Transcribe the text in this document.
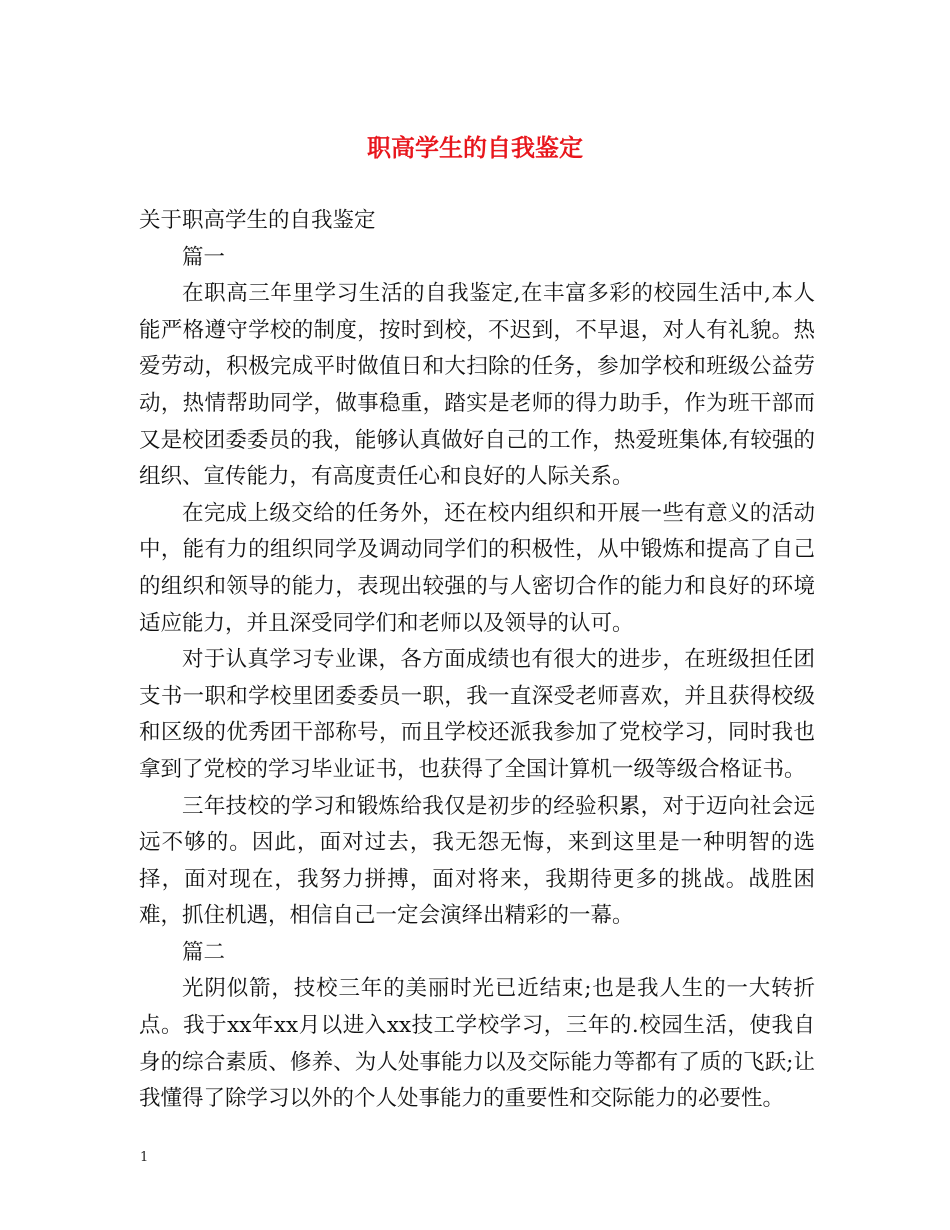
职高学生的自我鉴定

关于职高学生的自我鉴定

篇一

在职高三年里学习生活的自我鉴定,在丰富多彩的校园生活中,本人能严格遵守学校的制度，按时到校，不迟到，不早退，对人有礼貌。热爱劳动，积极完成平时做值日和大扫除的任务，参加学校和班级公益劳动，热情帮助同学，做事稳重，踏实是老师的得力助手，作为班干部而又是校团委委员的我，能够认真做好自己的工作，热爱班集体,有较强的组织、宣传能力，有高度责任心和良好的人际关系。

在完成上级交给的任务外，还在校内组织和开展一些有意义的活动中，能有力的组织同学及调动同学们的积极性，从中锻炼和提高了自己的组织和领导的能力，表现出较强的与人密切合作的能力和良好的环境适应能力，并且深受同学们和老师以及领导的认可。

对于认真学习专业课，各方面成绩也有很大的进步，在班级担任团支书一职和学校里团委委员一职，我一直深受老师喜欢，并且获得校级和区级的优秀团干部称号，而且学校还派我参加了党校学习，同时我也拿到了党校的学习毕业证书，也获得了全国计算机一级等级合格证书。

三年技校的学习和锻炼给我仅是初步的经验积累，对于迈向社会远远不够的。因此，面对过去，我无怨无悔，来到这里是一种明智的选择，面对现在，我努力拼搏，面对将来，我期待更多的挑战。战胜困难，抓住机遇，相信自己一定会演绎出精彩的一幕。

篇二

光阴似箭，技校三年的美丽时光已近结束;也是我人生的一大转折点。我于xx年xx月以进入xx技工学校学习，三年的.校园生活，使我自身的综合素质、修养、为人处事能力以及交际能力等都有了质的飞跃;让我懂得了除学习以外的个人处事能力的重要性和交际能力的必要性。

1
